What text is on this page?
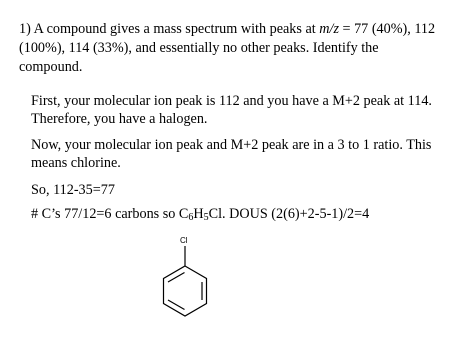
1) A compound gives a mass spectrum with peaks at m/z = 77 (40%), 112 (100%), 114 (33%), and essentially no other peaks. Identify the compound.
First, your molecular ion peak is 112 and you have a M+2 peak at 114. Therefore, you have a halogen.
Now, your molecular ion peak and M+2 peak are in a 3 to 1 ratio. This means chlorine.
So, 112-35=77
# C’s 77/12=6 carbons so $C_6H_5Cl$. DOUS (2(6)+2-5-1)/2=4
Cl
